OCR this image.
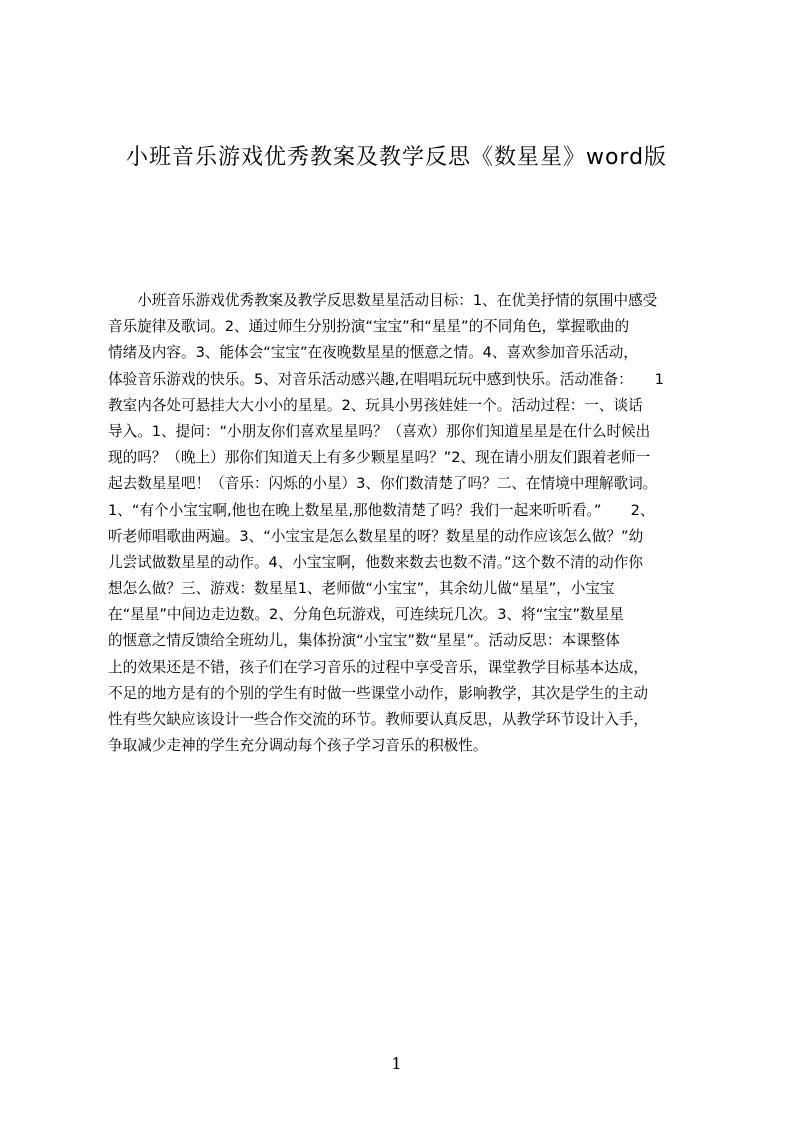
小班音乐游戏优秀教案及教学反思《数星星》word版
　　小班音乐游戏优秀教案及教学反思数星星活动目标：1、在优美抒情的氛围中感受
音乐旋律及歌词。2、通过师生分别扮演“宝宝”和“星星”的不同角色，掌握歌曲的
情绪及内容。3、能体会“宝宝”在夜晚数星星的惬意之情。4、喜欢参加音乐活动，
体验音乐游戏的快乐。5、对音乐活动感兴趣,在唱唱玩玩中感到快乐。活动准备：　　1
教室内各处可悬挂大大小小的星星。2、玩具小男孩娃娃一个。活动过程：一、谈话
导入。1、提问：“小朋友你们喜欢星星吗？（喜欢）那你们知道星星是在什么时候出
现的吗？（晚上）那你们知道天上有多少颗星星吗？”2、现在请小朋友们跟着老师一
起去数星星吧！（音乐：闪烁的小星）3、你们数清楚了吗？二、在情境中理解歌词。
1、“有个小宝宝啊,他也在晚上数星星,那他数清楚了吗？我们一起来听听看。”　　2、
听老师唱歌曲两遍。3、“小宝宝是怎么数星星的呀？数星星的动作应该怎么做？”幼
儿尝试做数星星的动作。4、小宝宝啊，他数来数去也数不清。”这个数不清的动作你
想怎么做？三、游戏：数星星1、老师做“小宝宝”，其余幼儿做“星星”，小宝宝
在“星星”中间边走边数。2、分角色玩游戏，可连续玩几次。3、将“宝宝”数星星
的惬意之情反馈给全班幼儿，集体扮演“小宝宝”数“星星”。活动反思：本课整体
上的效果还是不错，孩子们在学习音乐的过程中享受音乐，课堂教学目标基本达成，
不足的地方是有的个别的学生有时做一些课堂小动作，影响教学，其次是学生的主动
性有些欠缺应该设计一些合作交流的环节。教师要认真反思，从教学环节设计入手，
争取减少走神的学生充分调动每个孩子学习音乐的积极性。
1
